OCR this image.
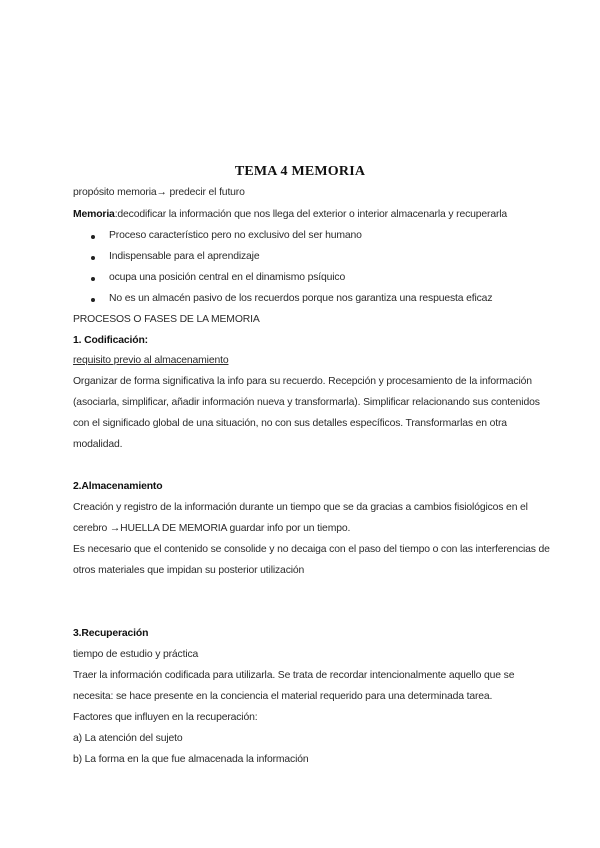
TEMA 4 MEMORIA
propósito memoria→ predecir el futuro
Memoria:decodificar la información que nos llega del exterior o interior almacenarla y recuperarla
Proceso característico pero no exclusivo del ser humano
Indispensable para el aprendizaje
ocupa una posición central en el dinamismo psíquico
No es un almacén pasivo de los recuerdos porque nos garantiza una respuesta eficaz
PROCESOS O FASES DE LA MEMORIA
1. Codificación:
requisito previo al almacenamiento
Organizar de forma significativa la info para su recuerdo. Recepción y procesamiento de la información
(asociarla, simplificar, añadir información nueva y transformarla). Simplificar relacionando sus contenidos
con el significado global de una situación, no con sus detalles específicos. Transformarlas en otra
modalidad.
2.Almacenamiento
Creación y registro de la información durante un tiempo que se da gracias a cambios fisiológicos en el
cerebro →HUELLA DE MEMORIA guardar info por un tiempo.
Es necesario que el contenido se consolide y no decaiga con el paso del tiempo o con las interferencias de
otros materiales que impidan su posterior utilización
3.Recuperación
tiempo de estudio y práctica
Traer la información codificada para utilizarla. Se trata de recordar intencionalmente aquello que se
necesita: se hace presente en la conciencia el material requerido para una determinada tarea.
Factores que influyen en la recuperación:
a) La atención del sujeto
b) La forma en la que fue almacenada la información
